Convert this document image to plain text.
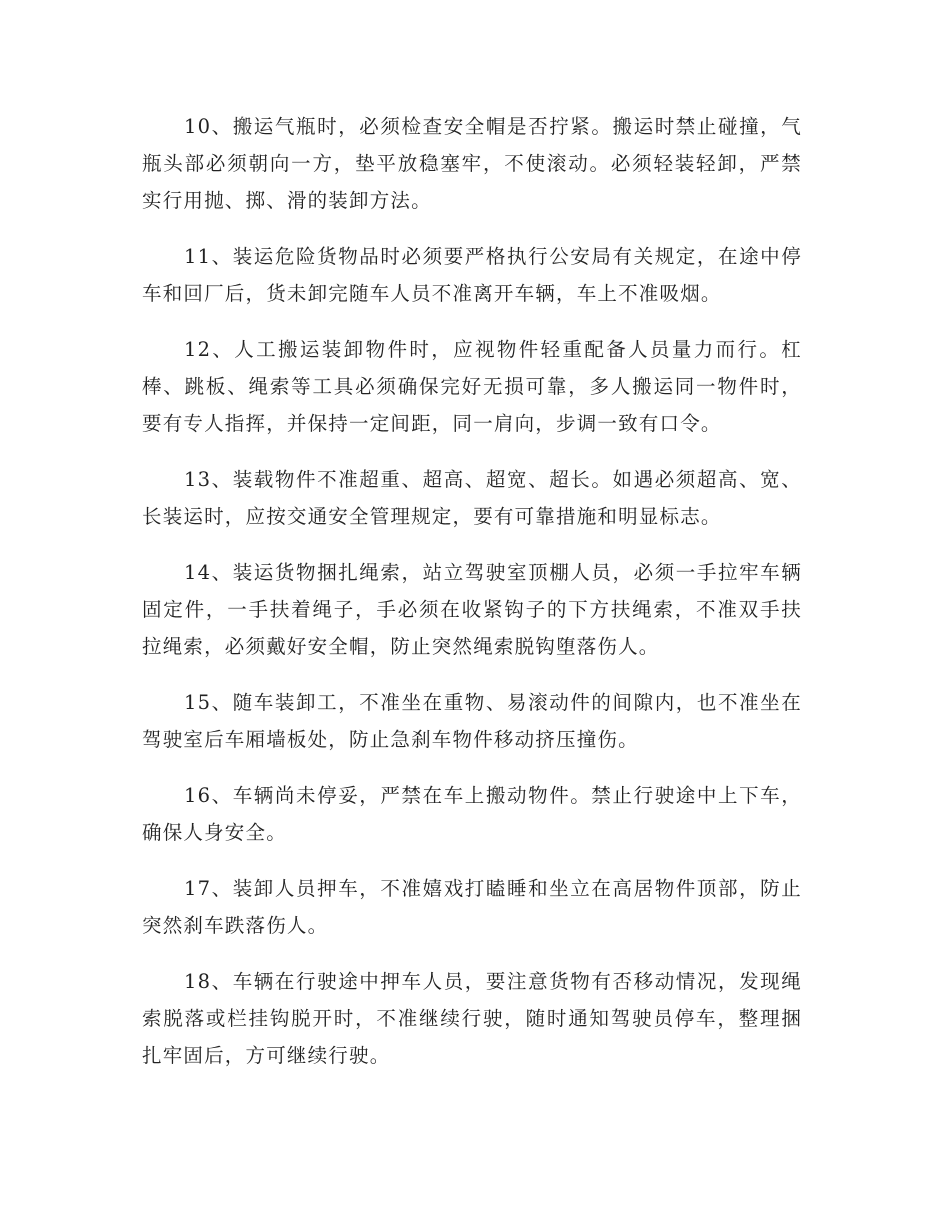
10、搬运气瓶时，必须检查安全帽是否拧紧。搬运时禁止碰撞，气瓶头部必须朝向一方，垫平放稳塞牢，不使滚动。必须轻装轻卸，严禁实行用抛、掷、滑的装卸方法。

11、装运危险货物品时必须要严格执行公安局有关规定，在途中停车和回厂后，货未卸完随车人员不准离开车辆，车上不准吸烟。

12、人工搬运装卸物件时，应视物件轻重配备人员量力而行。杠棒、跳板、绳索等工具必须确保完好无损可靠，多人搬运同一物件时，要有专人指挥，并保持一定间距，同一肩向，步调一致有口令。

13、装载物件不准超重、超高、超宽、超长。如遇必须超高、宽、长装运时，应按交通安全管理规定，要有可靠措施和明显标志。

14、装运货物捆扎绳索，站立驾驶室顶棚人员，必须一手拉牢车辆固定件，一手扶着绳子，手必须在收紧钩子的下方扶绳索，不准双手扶拉绳索，必须戴好安全帽，防止突然绳索脱钩堕落伤人。

15、随车装卸工，不准坐在重物、易滚动件的间隙内，也不准坐在驾驶室后车厢墙板处，防止急刹车物件移动挤压撞伤。

16、车辆尚未停妥，严禁在车上搬动物件。禁止行驶途中上下车，确保人身安全。

17、装卸人员押车，不准嬉戏打瞌睡和坐立在高居物件顶部，防止突然刹车跌落伤人。

18、车辆在行驶途中押车人员，要注意货物有否移动情况，发现绳索脱落或栏挂钩脱开时，不准继续行驶，随时通知驾驶员停车，整理捆扎牢固后，方可继续行驶。
